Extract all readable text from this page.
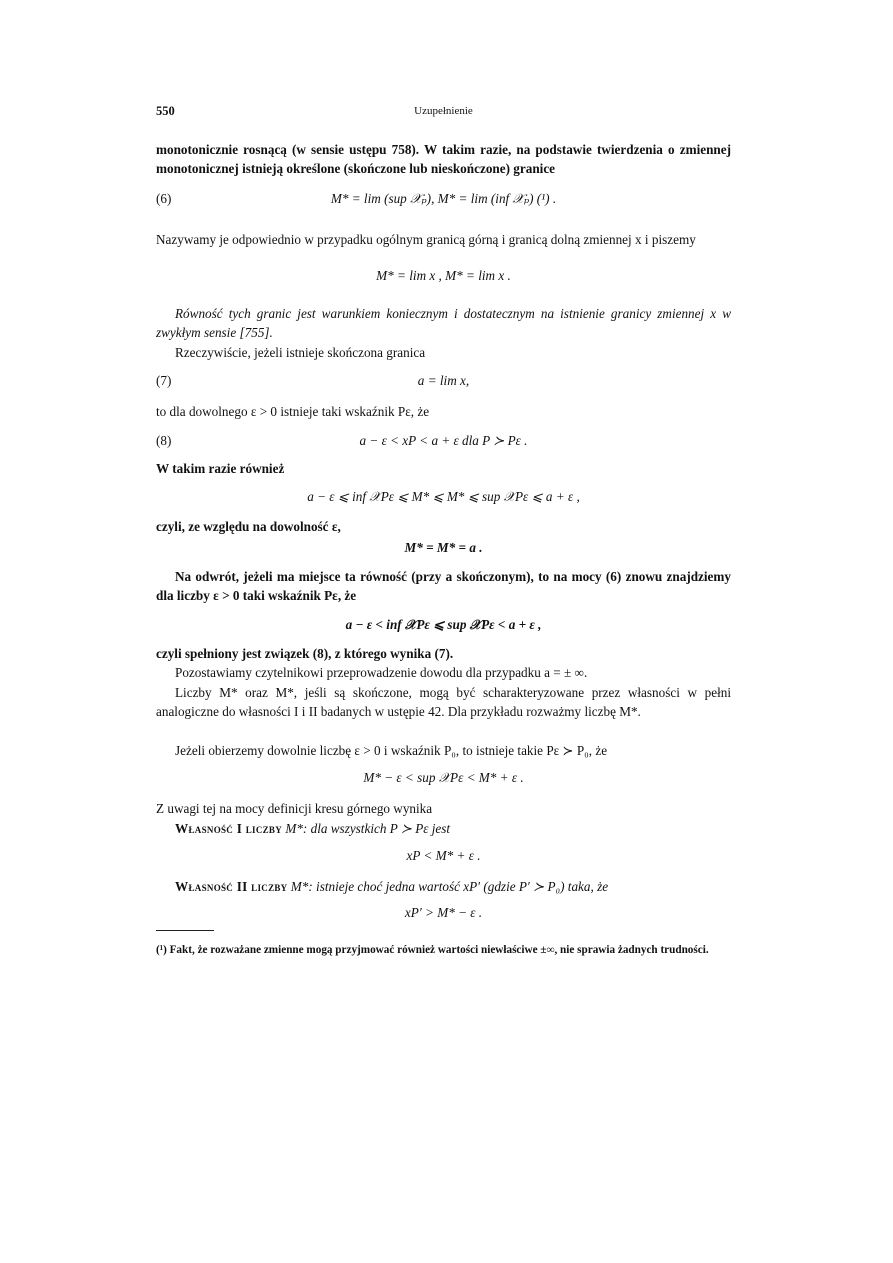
550	Uzupełnienie
monotonicznie rosnącą (w sensie ustępu 758). W takim razie, na podstawie twierdzenia o zmiennej monotonicznej istnieją określone (skończone lub nieskończone) granice
(6)	M* = lim (sup 𝒳ₚ), M* = lim (inf 𝒳ₚ) (¹) .
Nazywamy je odpowiednio w przypadku ogólnym granicą górną i granicą dolną zmiennej x i piszemy
M* = lim x , M* = lim x .
Równość tych granic jest warunkiem koniecznym i dostatecznym na istnienie granicy zmiennej x w zwykłym sensie [755].
Rzeczywiście, jeżeli istnieje skończona granica
(7)	a = lim x,
to dla dowolnego ε > 0 istnieje taki wskaźnik Pε, że
(8)	a − ε < xP < a + ε dla P ≻ Pε .
W takim razie również
a − ε ⩽ inf 𝒳Pε ⩽ M* ⩽ M* ⩽ sup 𝒳Pε ⩽ a + ε ,
czyli, ze względu na dowolność ε,
M* = M* = a .
Na odwrót, jeżeli ma miejsce ta równość (przy a skończonym), to na mocy (6) znowu znajdziemy dla liczby ε > 0 taki wskaźnik Pε, że
a − ε < inf 𝒳Pε ⩽ sup 𝒳Pε < a + ε ,
czyli spełniony jest związek (8), z którego wynika (7).
Pozostawiamy czytelnikowi przeprowadzenie dowodu dla przypadku a = ± ∞.
Liczby M* oraz M*, jeśli są skończone, mogą być scharakteryzowane przez własności w pełni analogiczne do własności I i II badanych w ustępie 42. Dla przykładu rozważmy liczbę M*.
Jeżeli obierzemy dowolnie liczbę ε > 0 i wskaźnik P₀, to istnieje takie Pε ≻ P₀, że
M* − ε < sup 𝒳Pε < M* + ε .
Z uwagi tej na mocy definicji kresu górnego wynika
Własność I liczby M*: dla wszystkich P ≻ Pε jest
xP < M* + ε .
Własność II liczby M*: istnieje choć jedna wartość xP′ (gdzie P′ ≻ P₀) taka, że
xP′ > M* − ε .
(¹) Fakt, że rozważane zmienne mogą przyjmować również wartości niewłaściwe ±∞, nie sprawia żadnych trudności.
